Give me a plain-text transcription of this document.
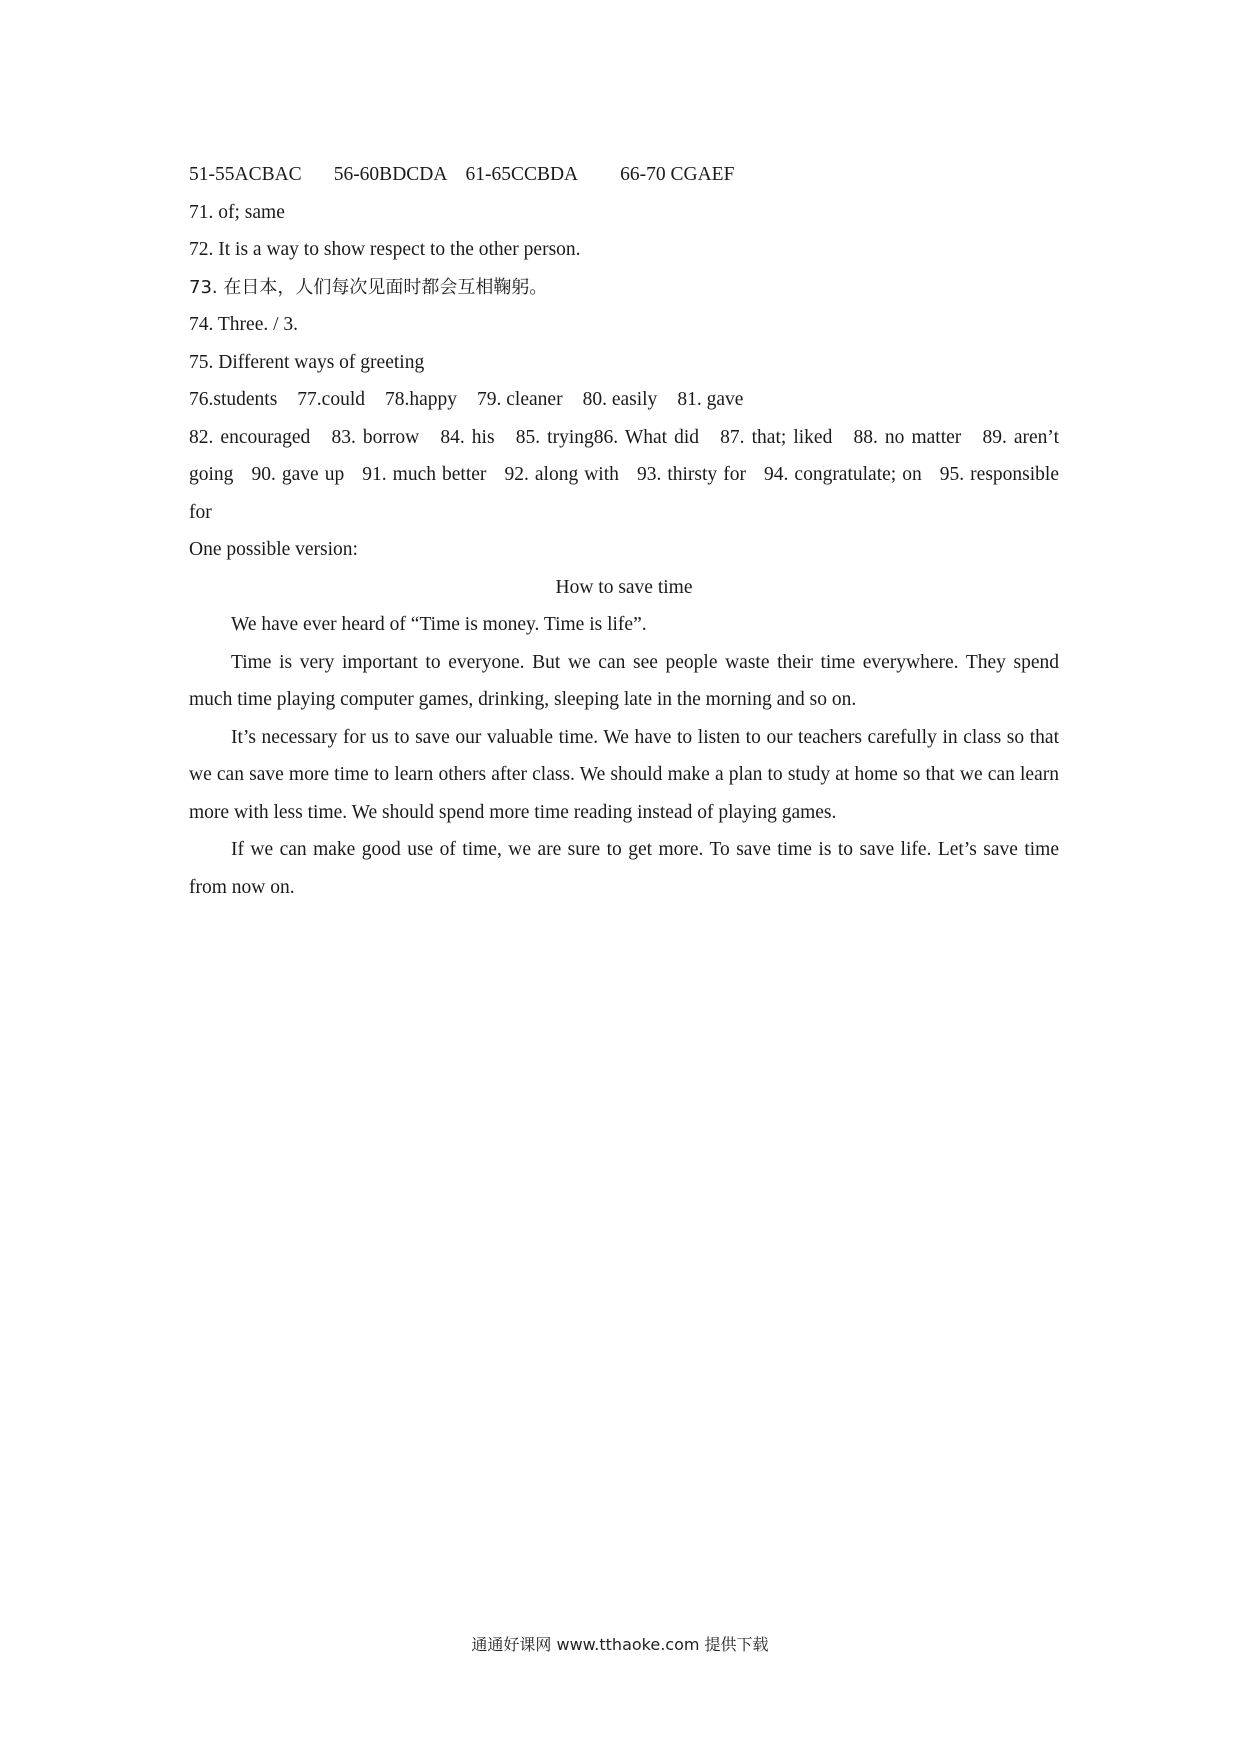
51-55ACBAC 56-60BDCDA 61-65CCBDA 66-70 CGAEF
71. of; same
72. It is a way to show respect to the other person.
73. 在日本，人们每次见面时都会互相鞠躬。
74. Three. / 3.
75. Different ways of greeting
76.students 77.could 78.happy 79. cleaner 80. easily 81. gave
82. encouraged   83. borrow   84. his   85. trying86. What did   87. that; liked   88. no matter   89. aren’t going   90. gave up   91. much better   92. along with   93. thirsty for   94. congratulate; on   95. responsible for
One possible version:
How to save time

We have ever heard of “Time is money. Time is life”.

Time is very important to everyone. But we can see people waste their time everywhere. They spend much time playing computer games, drinking, sleeping late in the morning and so on.

It’s necessary for us to save our valuable time. We have to listen to our teachers carefully in class so that we can save more time to learn others after class. We should make a plan to study at home so that we can learn more with less time. We should spend more time reading instead of playing games.

If we can make good use of time, we are sure to get more. To save time is to save life. Let’s save time from now on.

通通好课网 www.tthaoke.com 提供下载
